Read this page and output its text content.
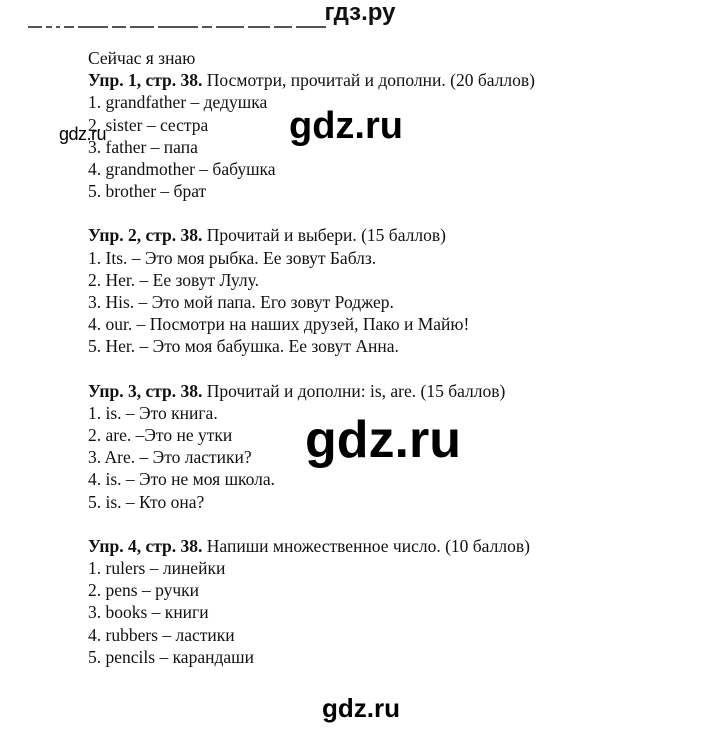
гдз.ру
Сейчас я знаю
Упр. 1, стр. 38. Посмотри, прочитай и дополни. (20 баллов)
1. grandfather – дедушка
2. sister – сестра
3. father – папа
4. grandmother – бабушка
5. brother – брат
Упр. 2, стр. 38. Прочитай и выбери. (15 баллов)
1. Its. – Это моя рыбка. Ее зовут Баблз.
2. Her. – Ее зовут Лулу.
3. His. – Это мой папа. Его зовут Роджер.
4. our. – Посмотри на наших друзей, Пако и Майю!
5. Her. – Это моя бабушка. Ее зовут Анна.
Упр. 3, стр. 38. Прочитай и дополни: is, are. (15 баллов)
1. is. – Это книга.
2. are. –Это не утки
3. Are. – Это ластики?
4. is. – Это не моя школа.
5. is. – Кто она?
Упр. 4, стр. 38. Напиши множественное число. (10 баллов)
1. rulers – линейки
2. pens – ручки
3. books – книги
4. rubbers – ластики
5. pencils – карандаши
gdz.ru	gdz.ru
gdz.ru
gdz.ru
